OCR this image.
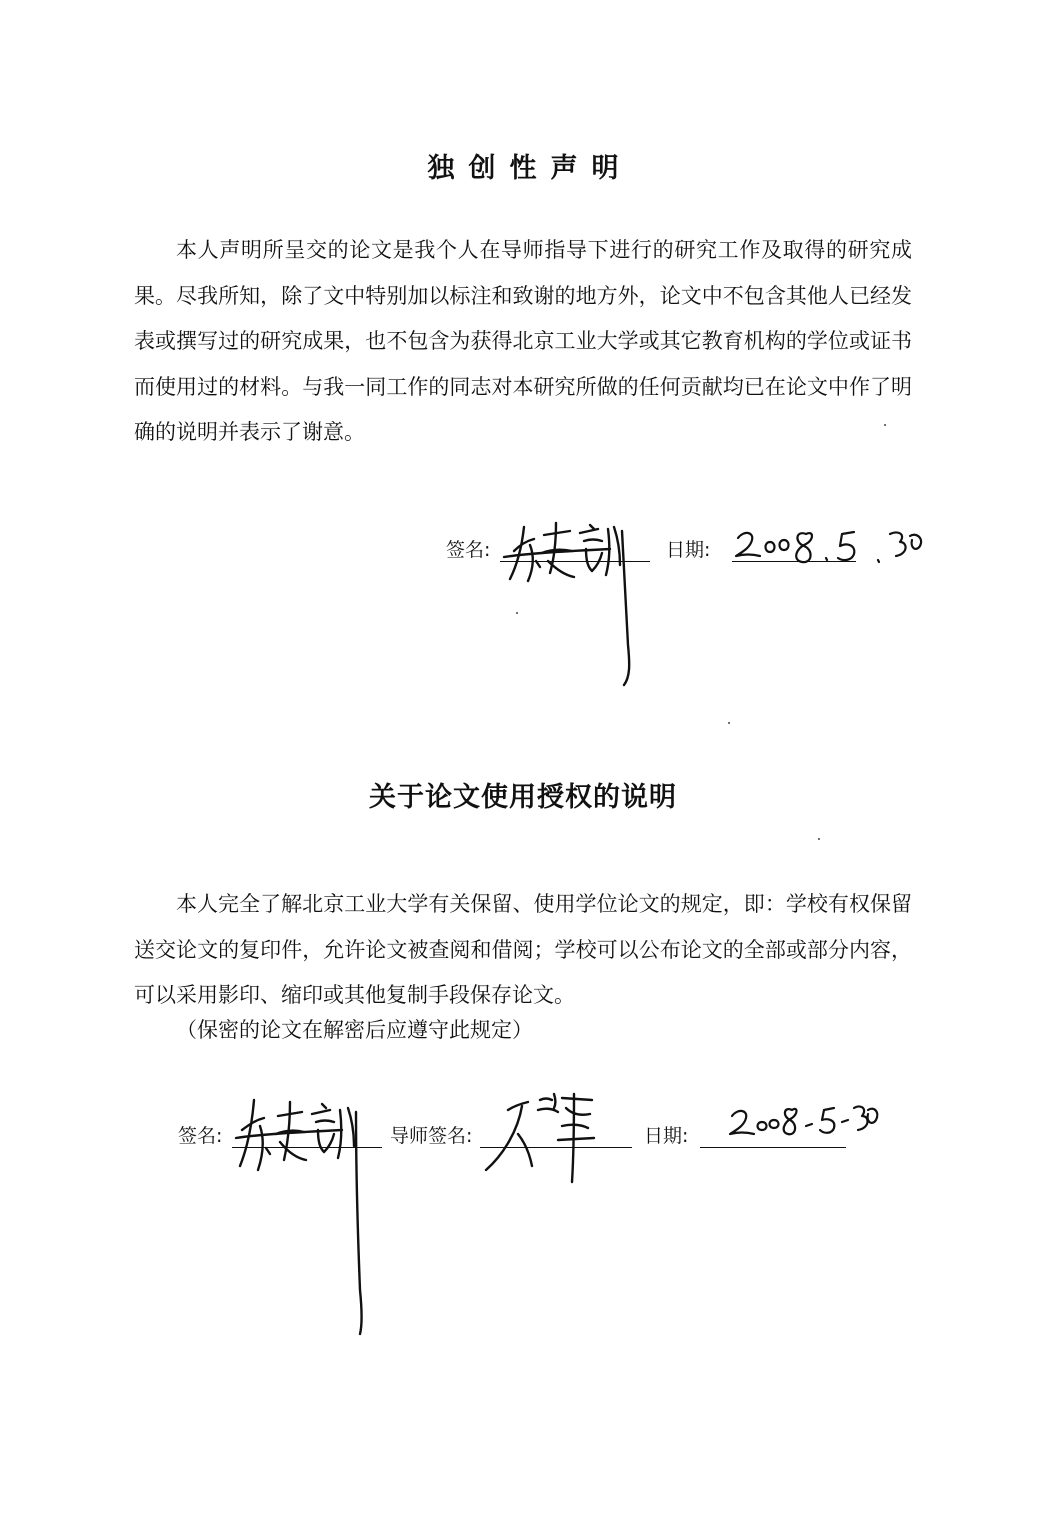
独创性声明

本人声明所呈交的论文是我个人在导师指导下进行的研究工作及取得的研究成果。尽我所知，除了文中特别加以标注和致谢的地方外，论文中不包含其他人已经发表或撰写过的研究成果，也不包含为获得北京工业大学或其它教育机构的学位或证书而使用过的材料。与我一同工作的同志对本研究所做的任何贡献均已在论文中作了明确的说明并表示了谢意。

签名:	日期:
关于论文使用授权的说明

本人完全了解北京工业大学有关保留、使用学位论文的规定，即：学校有权保留送交论文的复印件，允许论文被查阅和借阅；学校可以公布论文的全部或部分内容，可以采用影印、缩印或其他复制手段保存论文。

（保密的论文在解密后应遵守此规定）
签名:	导师签名:	日期:
